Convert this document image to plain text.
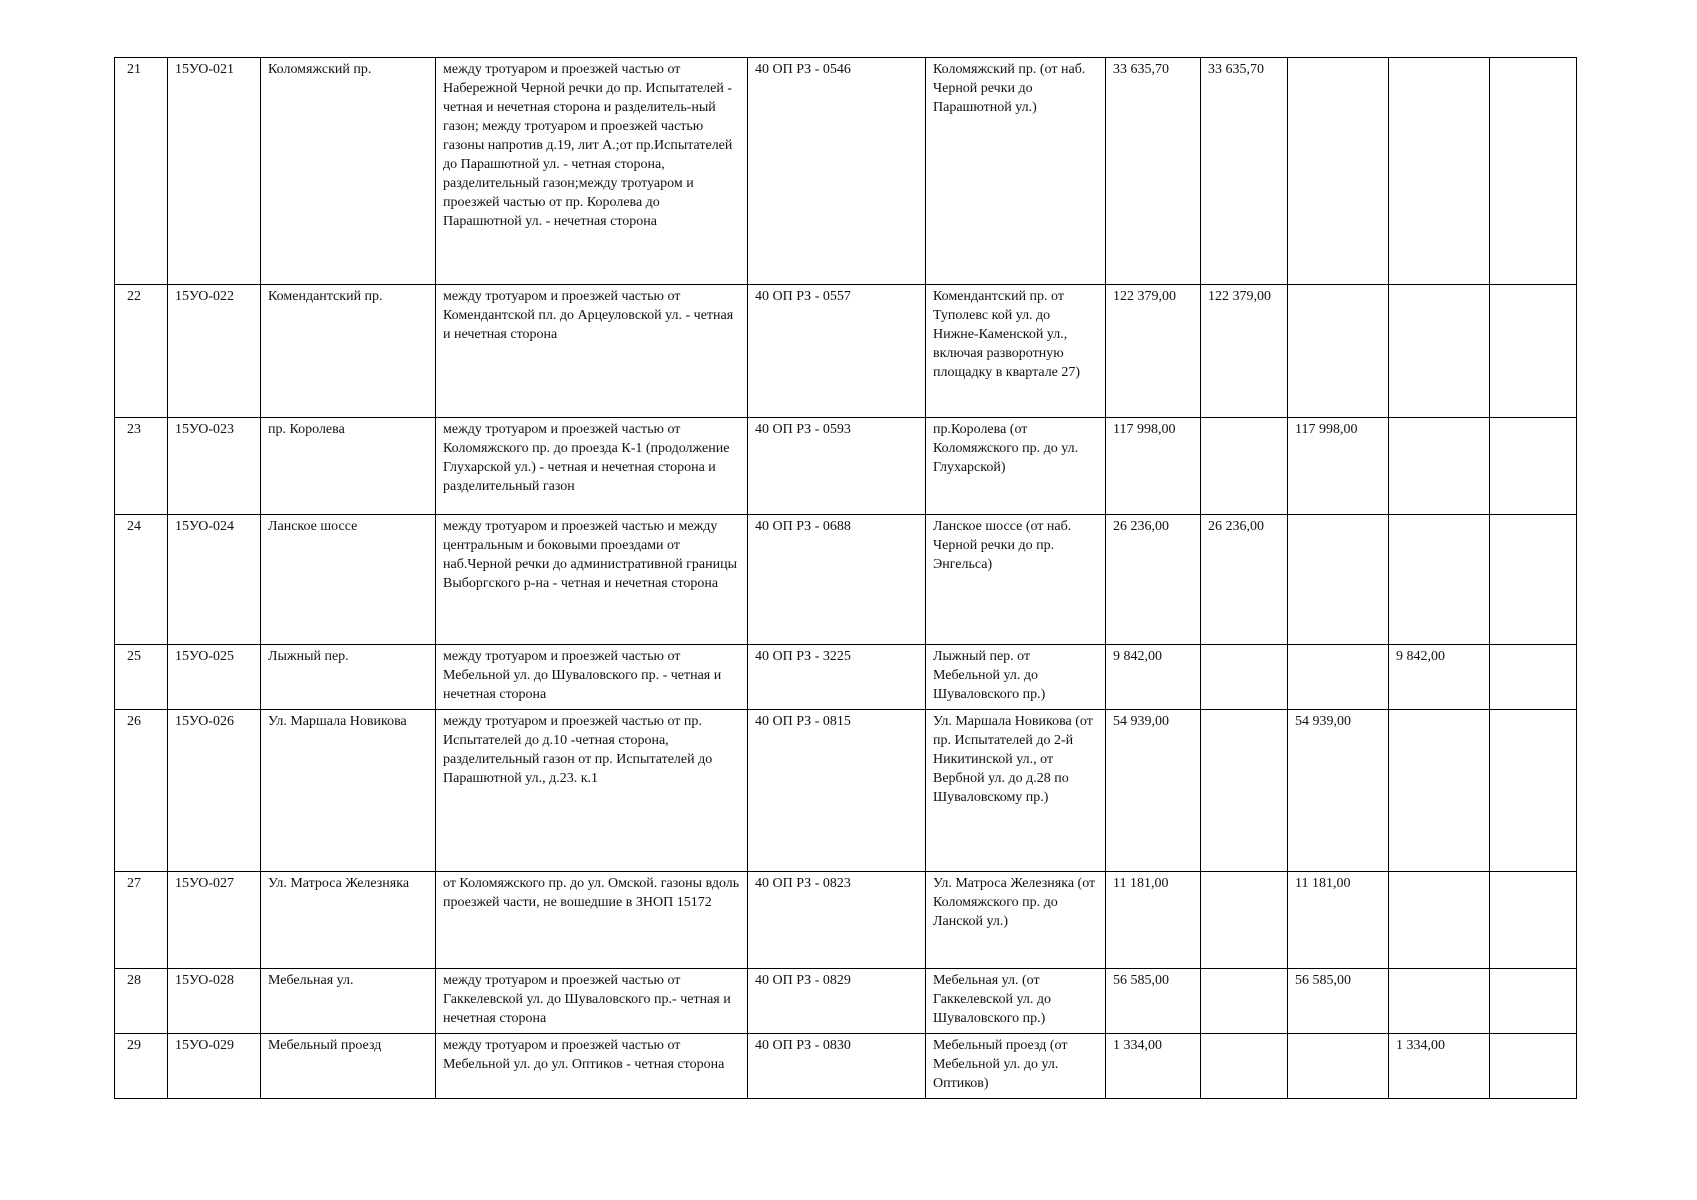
21	15УО-021	Коломяжский пр.	между тротуаром и проезжей частью от Набережной Черной речки до пр. Испытателей - четная и нечетная сторона и разделитель-ный газон; между тротуаром и проезжей частью газоны напротив д.19, лит А.;от пр.Испытателей до Парашютной ул. - четная сторона, разделительный газон;между тротуаром и проезжей частью от пр. Королева до Парашютной ул. - нечетная сторона	40 ОП РЗ - 0546	Коломяжский пр. (от наб. Черной речки до Парашютной ул.)	33 635,70	33 635,70			
22	15УО-022	Комендантский пр.	между тротуаром и проезжей частью от Комендантской пл. до Арцеуловской ул. - четная и нечетная сторона	40 ОП РЗ - 0557	Комендантский пр. от Туполевс кой ул. до Нижне-Каменской ул., включая разворотную площадку в квартале 27)	122 379,00	122 379,00			
23	15УО-023	пр. Королева	между тротуаром и проезжей частью от Коломяжского пр. до проезда К-1 (продолжение Глухарской ул.) - четная и нечетная сторона и разделительный газон	40 ОП РЗ - 0593	пр.Королева (от Коломяжского пр. до ул. Глухарской)	117 998,00		117 998,00		
24	15УО-024	Ланское шоссе	между тротуаром и проезжей частью и между центральным и боковыми проездами от наб.Черной речки до административной границы Выборгского р-на - четная и нечетная сторона	40 ОП РЗ - 0688	Ланское шоссе (от наб. Черной речки до пр. Энгельса)	26 236,00	26 236,00			
25	15УО-025	Лыжный пер.	между тротуаром и проезжей частью от Мебельной ул. до Шуваловского пр. - четная и нечетная сторона	40 ОП РЗ - 3225	Лыжный пер. от Мебельной ул. до Шуваловского пр.)	9 842,00			9 842,00	
26	15УО-026	Ул. Маршала Новикова	между тротуаром и проезжей частью от пр. Испытателей до д.10 -четная сторона, разделительный газон от пр. Испытателей до Парашютной ул., д.23. к.1	40 ОП РЗ - 0815	Ул. Маршала Новикова (от пр. Испытателей до 2-й Никитинской ул., от Вербной ул. до д.28 по Шуваловскому пр.)	54 939,00		54 939,00		
27	15УО-027	Ул. Матроса Железняка	от Коломяжского пр. до ул. Омской. газоны вдоль проезжей части, не вошедшие в ЗНОП 15172	40 ОП РЗ - 0823	Ул. Матроса Железняка (от Коломяжского пр. до Ланской ул.)	11 181,00		11 181,00		
28	15УО-028	Мебельная ул.	между тротуаром и проезжей частью от Гаккелевской ул. до Шуваловского пр.- четная и нечетная сторона	40 ОП РЗ - 0829	Мебельная ул. (от Гаккелевской ул. до Шуваловского пр.)	56 585,00		56 585,00		
29	15УО-029	Мебельный проезд	между тротуаром и проезжей частью от Мебельной ул. до ул. Оптиков - четная сторона	40 ОП РЗ - 0830	Мебельный проезд (от Мебельной ул. до ул. Оптиков)	1 334,00			1 334,00	
